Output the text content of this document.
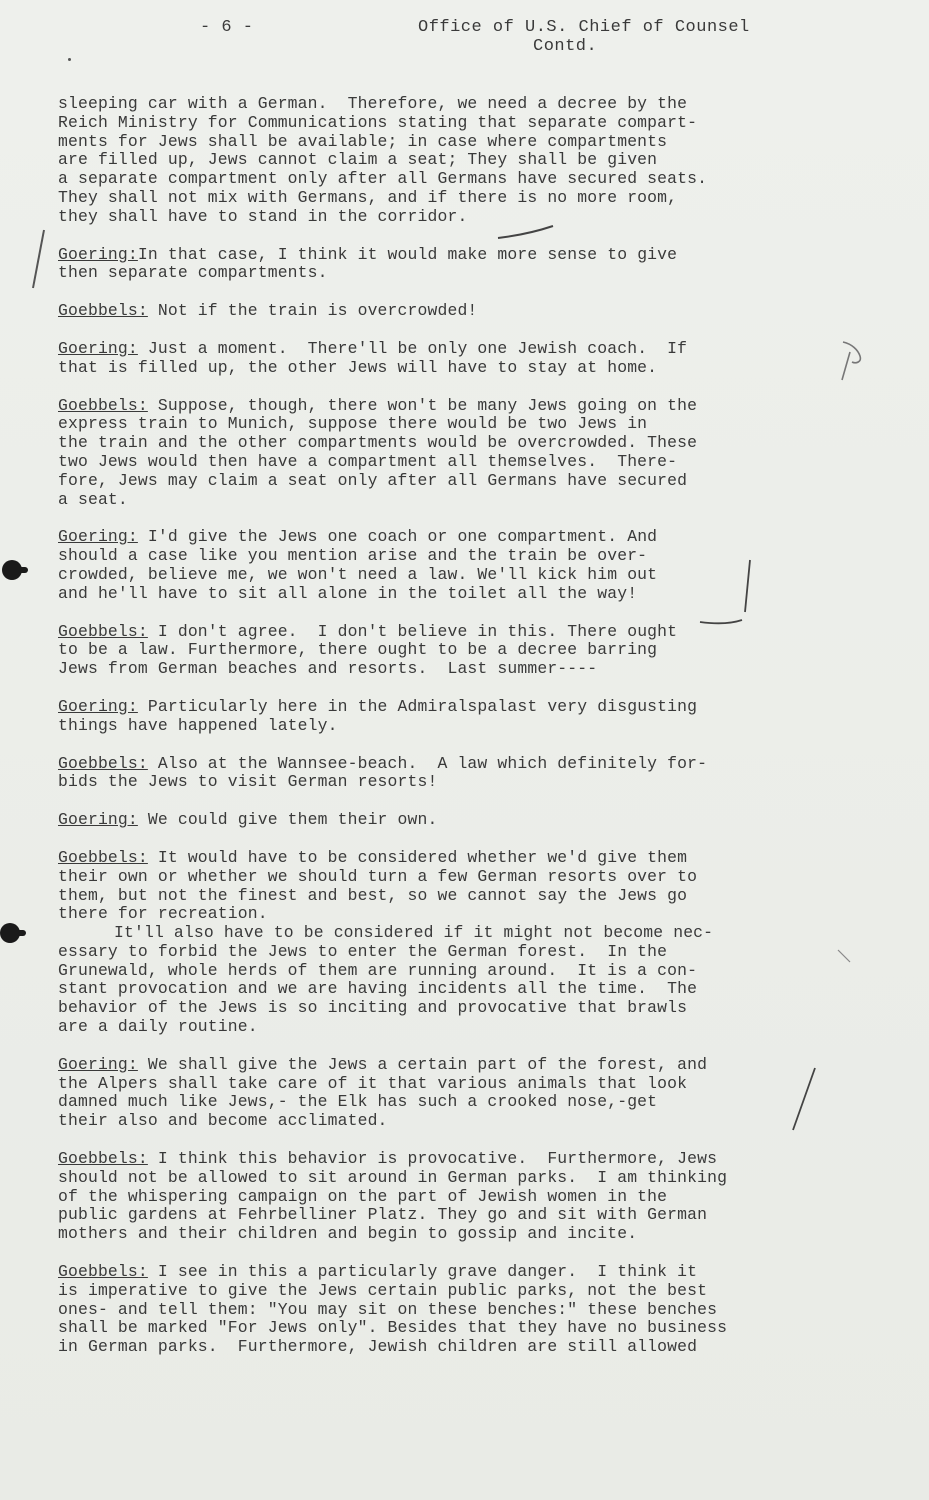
- 6 -	Office of U.S. Chief of Counsel
Contd.
sleeping car with a German.  Therefore, we need a decree by the
Reich Ministry for Communications stating that separate compart-
ments for Jews shall be available; in case where compartments
are filled up, Jews cannot claim a seat; They shall be given
a separate compartment only after all Germans have secured seats.
They shall not mix with Germans, and if there is no more room,
they shall have to stand in the corridor.
Goering:In that case, I think it would make more sense to give
then separate compartments.
Goebbels: Not if the train is overcrowded!
Goering: Just a moment.  There'll be only one Jewish coach.  If
that is filled up, the other Jews will have to stay at home.
Goebbels: Suppose, though, there won't be many Jews going on the
express train to Munich, suppose there would be two Jews in
the train and the other compartments would be overcrowded. These
two Jews would then have a compartment all themselves.  There-
fore, Jews may claim a seat only after all Germans have secured
a seat.
Goering: I'd give the Jews one coach or one compartment. And
should a case like you mention arise and the train be over-
crowded, believe me, we won't need a law. We'll kick him out
and he'll have to sit all alone in the toilet all the way!
Goebbels: I don't agree.  I don't believe in this. There ought
to be a law. Furthermore, there ought to be a decree barring
Jews from German beaches and resorts.  Last summer----
Goering: Particularly here in the Admiralspalast very disgusting
things have happened lately.
Goebbels: Also at the Wannsee-beach.  A law which definitely for-
bids the Jews to visit German resorts!
Goering: We could give them their own.
Goebbels: It would have to be considered whether we'd give them
their own or whether we should turn a few German resorts over to
them, but not the finest and best, so we cannot say the Jews go
there for recreation.
It'll also have to be considered if it might not become nec-
essary to forbid the Jews to enter the German forest.  In the
Grunewald, whole herds of them are running around.  It is a con-
stant provocation and we are having incidents all the time.  The
behavior of the Jews is so inciting and provocative that brawls
are a daily routine.
Goering: We shall give the Jews a certain part of the forest, and
the Alpers shall take care of it that various animals that look
damned much like Jews,- the Elk has such a crooked nose,-get
their also and become acclimated.
Goebbels: I think this behavior is provocative.  Furthermore, Jews
should not be allowed to sit around in German parks.  I am thinking
of the whispering campaign on the part of Jewish women in the
public gardens at Fehrbelliner Platz. They go and sit with German
mothers and their children and begin to gossip and incite.
Goebbels: I see in this a particularly grave danger.  I think it
is imperative to give the Jews certain public parks, not the best
ones- and tell them: "You may sit on these benches:" these benches
shall be marked "For Jews only". Besides that they have no business
in German parks.  Furthermore, Jewish children are still allowed
